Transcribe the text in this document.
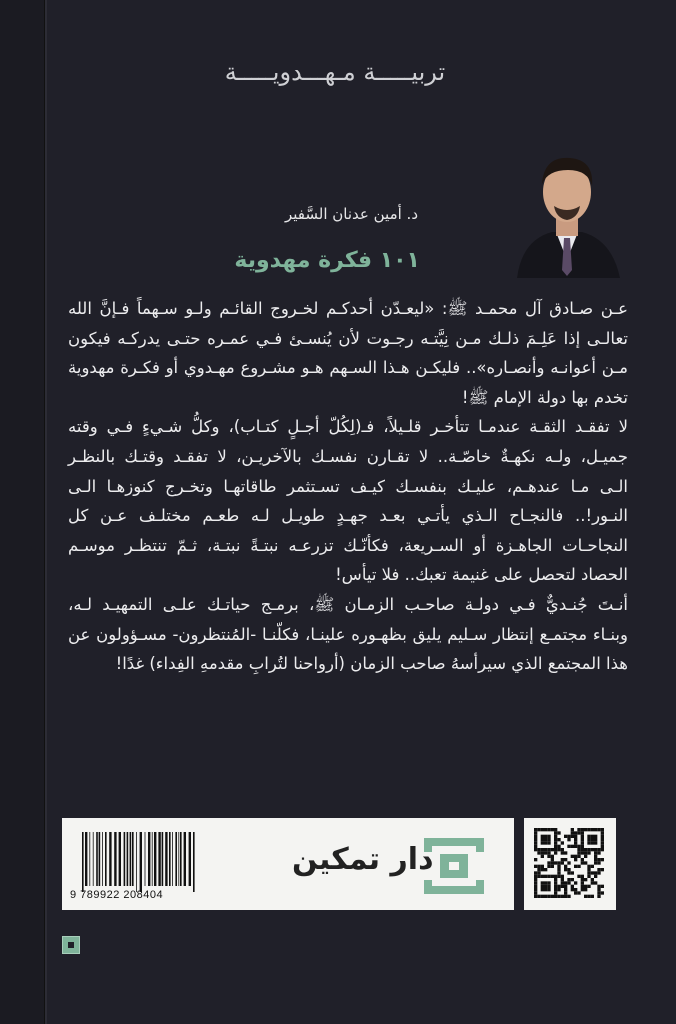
تربيـــــة مـهـــدويـــــة
د. أمين عدنان السَّفير
١٠١ فكرة مهدوية
عـن صـادق آل محمـد ﷺ: «ليعـدّن أحدكـم لخـروج القائـم ولـو سـهماً فـإنَّ الله
تعالـى إذا عَلِـمَ ذلـك مـن نِيَّتـه رجـوت لأن يُنسـئ فـي عمـره حتـى يدركـه فيكون
مـن أعوانـه وأنصـاره».. فليكـن هـذا السـهم هـو مشـروع مهـدوي أو فكـرة مهدوية
تخدم بها دولة الإمام ﷺ!
لا تفقـد الثقـة عندمـا تتأخـر قلـيلاً، فـ(لِكُلّ أجـلٍ كتـاب)، وكلُّ شـيءٍ فـي وقته
جميـل، ولـه نكهـةٌ خاصّـة.. لا تقـارن نفسـك بالآخريـن، لا تفقـد وقتـك بالنظـر
الـى مـا عندهـم، عليـك بنفسـك كيـف تسـتثمر طاقاتهـا وتخـرج كنوزهـا الـى
النـور!.. فالنجـاح الـذي يأتـي بعـد جهـدٍ طويـل لـه طعـم مختلـف عـن كل
النجاحـات الجاهـزة أو السـريعة، فكأنّـك تزرعـه نبتـةً نبتـة، ثـمّ تنتظـر موسـم
الحصاد لتحصل على غنيمة تعبك.. فلا تيأس!
أنـتَ جُنـديٌّ فـي دولـة صاحـب الزمـان ﷺ، برمـج حياتـك علـى التمهيـد لـه،
وبنـاء مجتمـع إنتظار سـليم يليق بظهـوره علينـا، فكلّنـا -المُنتظرون- مسـؤولون عن
هذا المجتمع الذي سيرأسهُ صاحب الزمان (أرواحنا لتُرابِ مقدمهِ الفِداء) غدًا!
9 789922 208404
دار تمكين
